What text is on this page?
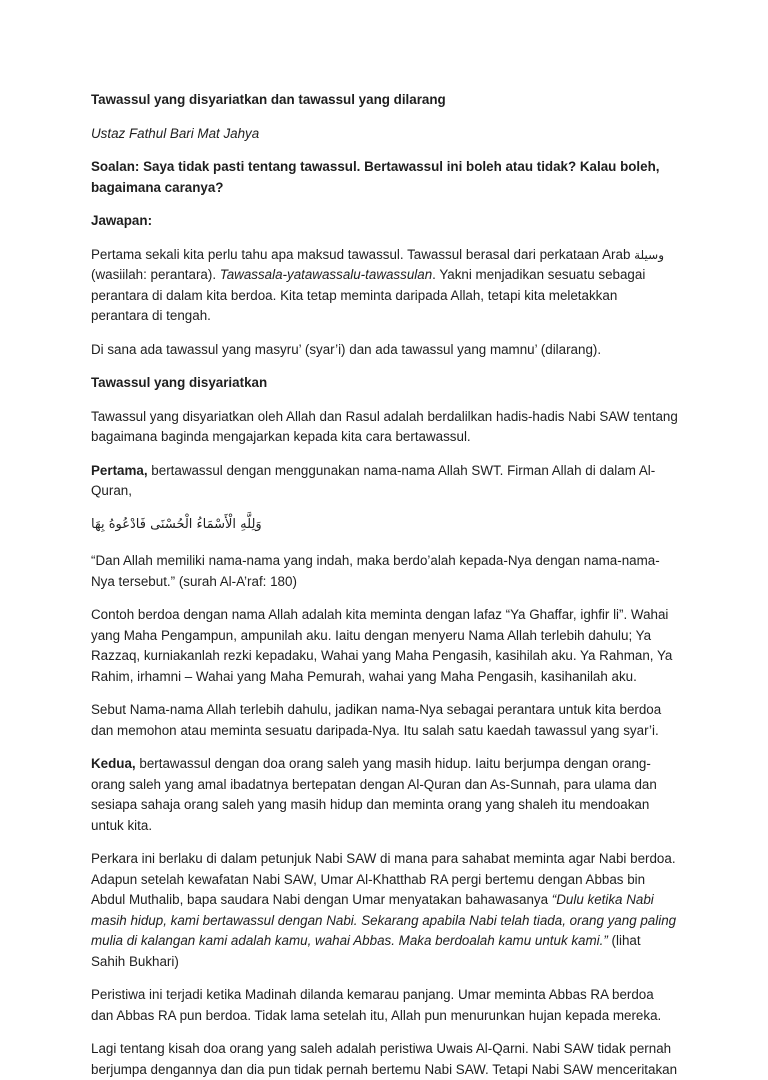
Tawassul yang disyariatkan dan tawassul yang dilarang

Ustaz Fathul Bari Mat Jahya

Soalan: Saya tidak pasti tentang tawassul. Bertawassul ini boleh atau tidak? Kalau boleh, bagaimana caranya?

Jawapan:

Pertama sekali kita perlu tahu apa maksud tawassul. Tawassul berasal dari perkataan Arab وسيلة (wasiilah: perantara). Tawassala-yatawassalu-tawassulan. Yakni menjadikan sesuatu sebagai perantara di dalam kita berdoa. Kita tetap meminta daripada Allah, tetapi kita meletakkan perantara di tengah.

Di sana ada tawassul yang masyru’ (syar’i) dan ada tawassul yang mamnu’ (dilarang).

Tawassul yang disyariatkan

Tawassul yang disyariatkan oleh Allah dan Rasul adalah berdalilkan hadis-hadis Nabi SAW tentang bagaimana baginda mengajarkan kepada kita cara bertawassul.

Pertama, bertawassul dengan menggunakan nama-nama Allah SWT. Firman Allah di dalam Al-Quran,

وَلِلَّهِ الْأَسْمَاءُ الْحُسْنَى فَادْعُوهُ بِهَا

“Dan Allah memiliki nama-nama yang indah, maka berdo’alah kepada-Nya dengan nama-nama-Nya tersebut.” (surah Al-A’raf: 180)

Contoh berdoa dengan nama Allah adalah kita meminta dengan lafaz “Ya Ghaffar, ighfir li”. Wahai yang Maha Pengampun, ampunilah aku. Iaitu dengan menyeru Nama Allah terlebih dahulu; Ya Razzaq, kurniakanlah rezki kepadaku, Wahai yang Maha Pengasih, kasihilah aku. Ya Rahman, Ya Rahim, irhamni – Wahai yang Maha Pemurah, wahai yang Maha Pengasih, kasihanilah aku.

Sebut Nama-nama Allah terlebih dahulu, jadikan nama-Nya sebagai perantara untuk kita berdoa dan memohon atau meminta sesuatu daripada-Nya. Itu salah satu kaedah tawassul yang syar’i.

Kedua, bertawassul dengan doa orang saleh yang masih hidup. Iaitu berjumpa dengan orang-orang saleh yang amal ibadatnya bertepatan dengan Al-Quran dan As-Sunnah, para ulama dan sesiapa sahaja orang saleh yang masih hidup dan meminta orang yang shaleh itu mendoakan untuk kita.

Perkara ini berlaku di dalam petunjuk Nabi SAW di mana para sahabat meminta agar Nabi berdoa. Adapun setelah kewafatan Nabi SAW, Umar Al-Khatthab RA pergi bertemu dengan Abbas bin Abdul Muthalib, bapa saudara Nabi dengan Umar menyatakan bahawasanya “Dulu ketika Nabi masih hidup, kami bertawassul dengan Nabi. Sekarang apabila Nabi telah tiada, orang yang paling mulia di kalangan kami adalah kamu, wahai Abbas. Maka berdoalah kamu untuk kami.” (lihat Sahih Bukhari)

Peristiwa ini terjadi ketika Madinah dilanda kemarau panjang. Umar meminta Abbas RA berdoa dan Abbas RA pun berdoa. Tidak lama setelah itu, Allah pun menurunkan hujan kepada mereka.

Lagi tentang kisah doa orang yang saleh adalah peristiwa Uwais Al-Qarni. Nabi SAW tidak pernah berjumpa dengannya dan dia pun tidak pernah bertemu Nabi SAW. Tetapi Nabi SAW menceritakan
